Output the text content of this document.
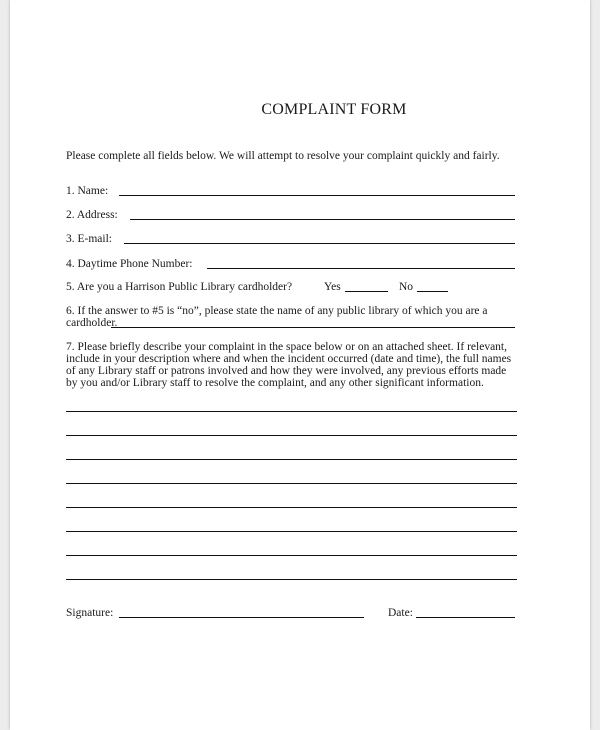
COMPLAINT FORM
Please complete all fields below. We will attempt to resolve your complaint quickly and fairly.
1. Name:
2. Address:
3. E-mail:
4. Daytime Phone Number:
5. Are you a Harrison Public Library cardholder?	Yes	No
6. If the answer to #5 is “no”, please state the name of any public library of which you are a
cardholder.
7. Please briefly describe your complaint in the space below or on an attached sheet. If relevant,
include in your description where and when the incident occurred (date and time), the full names
of any Library staff or patrons involved and how they were involved, any previous efforts made
by you and/or Library staff to resolve the complaint, and any other significant information.
Signature:	Date:
